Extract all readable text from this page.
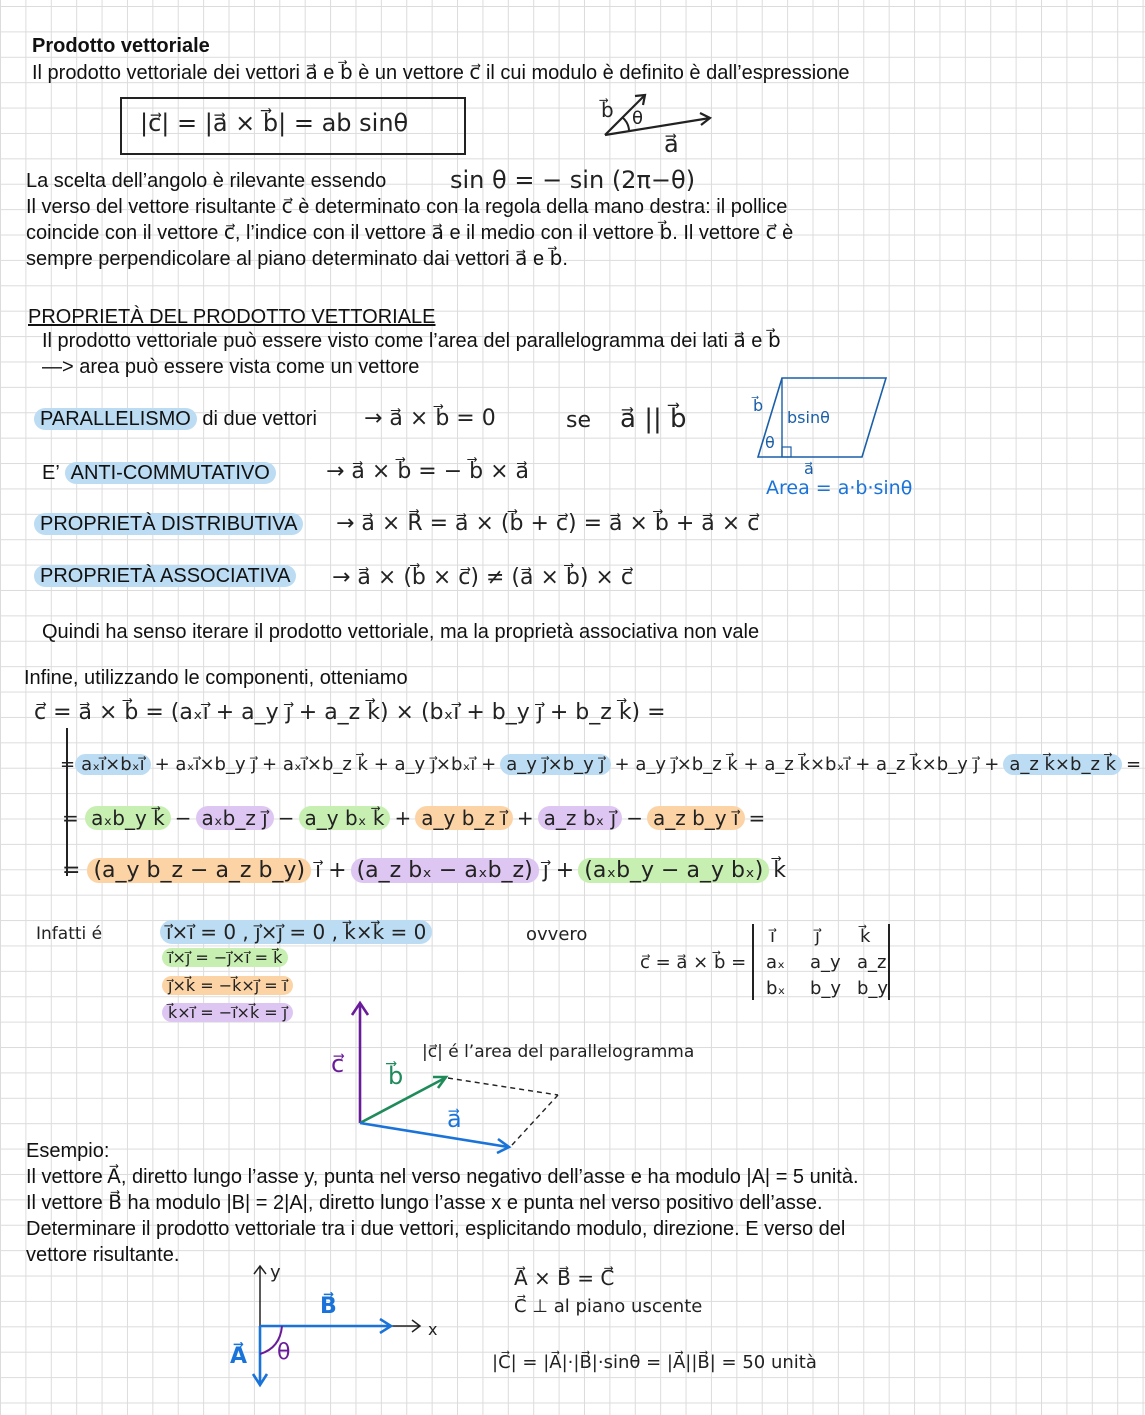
Prodotto vettoriale
Il prodotto vettoriale dei vettori a⃗ e b⃗ è un vettore c⃗ il cui modulo è definito è dall’espressione
|c⃗| = |a⃗ × b⃗| = ab sinθ	b⃗ θ
a⃗
La scelta dell’angolo è rilevante essendo	sin θ = − sin (2π−θ)
Il verso del vettore risultante c⃗ è determinato con la regola della mano destra: il pollice
coincide con il vettore c⃗, l’indice con il vettore a⃗ e il medio con il vettore b⃗. Il vettore c⃗ è
sempre perpendicolare al piano determinato dai vettori a⃗ e b⃗.
PROPRIETÀ DEL PRODOTTO VETTORIALE
Il prodotto vettoriale può essere visto come l’area del parallelogramma dei lati a⃗ e b⃗
—> area può essere vista come un vettore
PARALLELISMO di due vettori → a⃗ × b⃗ = 0	se a⃗ || b⃗
E’ ANTI-COMMUTATIVO	→ a⃗ × b⃗ = − b⃗ × a⃗
PROPRIETÀ DISTRIBUTIVA → a⃗ × R⃗ = a⃗ × (b⃗ + c⃗) = a⃗ × b⃗ + a⃗ × c⃗
PROPRIETÀ ASSOCIATIVA → a⃗ × (b⃗ × c⃗) ≠ (a⃗ × b⃗) × c⃗
b⃗
bsinθ
θ
a⃗
Area = a·b·sinθ
Quindi ha senso iterare il prodotto vettoriale, ma la proprietà associativa non vale
Infine, utilizzando le componenti, otteniamo
c⃗ = a⃗ × b⃗ = (aₓi⃗ + a_y j⃗ + a_z k⃗) × (bₓi⃗ + b_y j⃗ + b_z k⃗) =
= aₓi⃗×bₓi⃗ + aₓi⃗×b_y j⃗ + aₓi⃗×b_z k⃗ + a_y j⃗×bₓi⃗ + a_y j⃗×b_y j⃗ + a_y j⃗×b_z k⃗ + a_z k⃗×bₓi⃗ + a_z k⃗×b_y j⃗ + a_z k⃗×b_z k⃗ =
= aₓb_y k⃗ − aₓb_z j⃗ − a_y bₓ k⃗ + a_y b_z i⃗ + a_z bₓ j⃗ − a_z b_y i⃗ =
= (a_y b_z − a_z b_y) i⃗ + (a_z bₓ − aₓb_z) j⃗ + (aₓb_y − a_y bₓ) k⃗
Infatti é	i⃗×i⃗ = 0 , j⃗×j⃗ = 0 , k⃗×k⃗ = 0
i⃗×j⃗ = −j⃗×i⃗ = k⃗
j⃗×k⃗ = −k⃗×j⃗ = i⃗
k⃗×i⃗ = −i⃗×k⃗ = j⃗
ovvero
c⃗ = a⃗ × b⃗ =
i⃗ j⃗ k⃗
aₓ a_y a_z
bₓ b_y b_y
c⃗ b⃗
a⃗
|c⃗| é l’area del parallelogramma
Esempio:
Il vettore A⃗, diretto lungo l’asse y, punta nel verso negativo dell’asse e ha modulo |A| = 5 unità.
Il vettore B⃗ ha modulo |B| = 2|A|, diretto lungo l’asse x e punta nel verso positivo dell’asse.
Determinare il prodotto vettoriale tra i due vettori, esplicitando modulo, direzione. E verso del
vettore risultante.
y
x
B⃗
A⃗ θ
A⃗ × B⃗ = C⃗
C⃗ ⊥ al piano uscente
|C⃗| = |A⃗|·|B⃗|·sinθ = |A⃗||B⃗| = 50 unità
